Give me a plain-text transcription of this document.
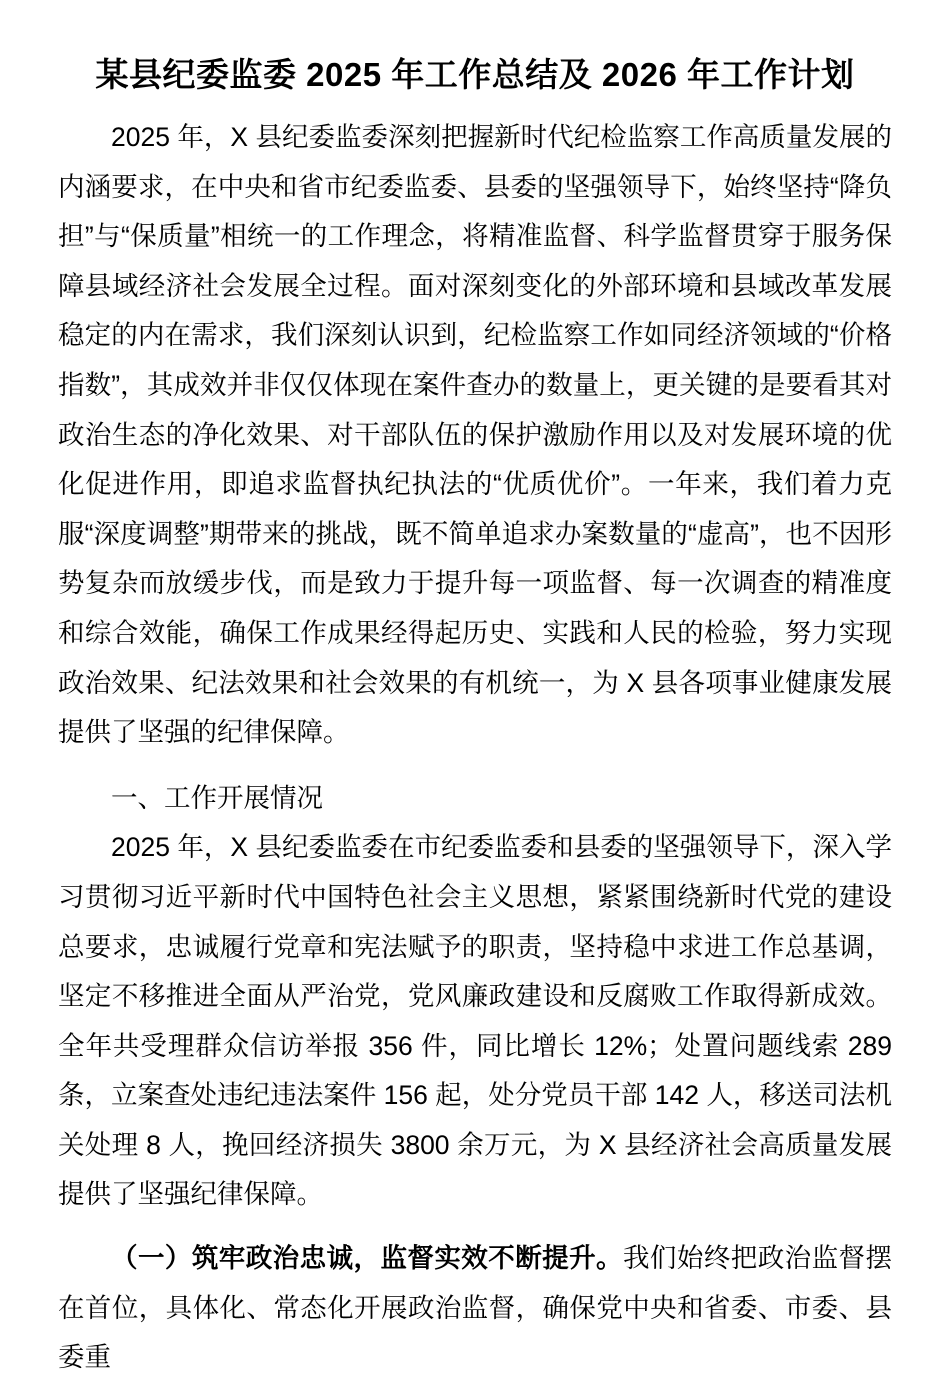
某县纪委监委 2025 年工作总结及 2026 年工作计划

2025 年，X 县纪委监委深刻把握新时代纪检监察工作高质量发展的内涵要求，在中央和省市纪委监委、县委的坚强领导下，始终坚持“降负担”与“保质量”相统一的工作理念，将精准监督、科学监督贯穿于服务保障县域经济社会发展全过程。面对深刻变化的外部环境和县域改革发展稳定的内在需求，我们深刻认识到，纪检监察工作如同经济领域的“价格指数”，其成效并非仅仅体现在案件查办的数量上，更关键的是要看其对政治生态的净化效果、对干部队伍的保护激励作用以及对发展环境的优化促进作用，即追求监督执纪执法的“优质优价”。一年来，我们着力克服“深度调整”期带来的挑战，既不简单追求办案数量的“虚高”，也不因形势复杂而放缓步伐，而是致力于提升每一项监督、每一次调查的精准度和综合效能，确保工作成果经得起历史、实践和人民的检验，努力实现政治效果、纪法效果和社会效果的有机统一，为 X 县各项事业健康发展提供了坚强的纪律保障。

一、工作开展情况

2025 年，X 县纪委监委在市纪委监委和县委的坚强领导下，深入学习贯彻习近平新时代中国特色社会主义思想，紧紧围绕新时代党的建设总要求，忠诚履行党章和宪法赋予的职责，坚持稳中求进工作总基调，坚定不移推进全面从严治党，党风廉政建设和反腐败工作取得新成效。全年共受理群众信访举报 356 件，同比增长 12%；处置问题线索 289 条，立案查处违纪违法案件 156 起，处分党员干部 142 人，移送司法机关处理 8 人，挽回经济损失 3800 余万元，为 X 县经济社会高质量发展提供了坚强纪律保障。

（一）筑牢政治忠诚，监督实效不断提升。我们始终把政治监督摆在首位，具体化、常态化开展政治监督，确保党中央和省委、市委、县委重
